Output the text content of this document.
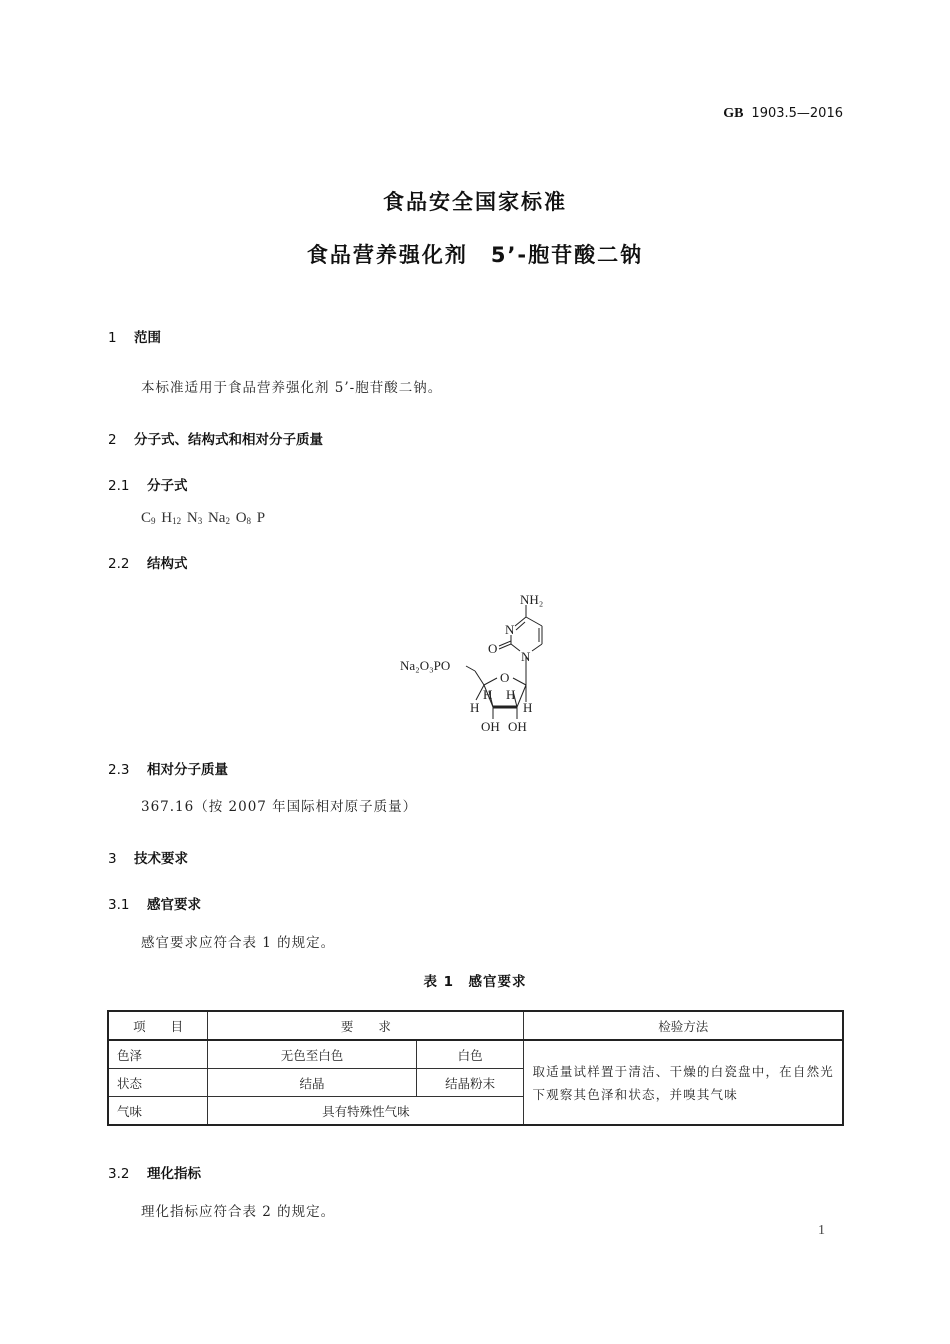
GB 1903.5—2016
食品安全国家标准
食品营养强化剂　5’-胞苷酸二钠
1 范围
本标准适用于食品营养强化剂 5’-胞苷酸二钠。
2 分子式、结构式和相对分子质量
2.1 分子式
$C_9$ $H_{12}$ $N_3$ $Na_2$ $O_8$ P
2.2 结构式
NH₂
N
O
N
Na₂O₃PO
O
H H
H	H
OH OH
2.3 相对分子质量
367.16（按 2007 年国际相对原子质量）
3 技术要求
3.1 感官要求
感官要求应符合表 1 的规定。
表 1　感官要求
项　　目	要　　求		检验方法
色泽	无色至白色	白色	取适量试样置于清洁、干燥的白瓷盘中，在自然光下观察其色泽和状态，并嗅其气味
状态	结晶	结晶粉末	
气味	具有特殊性气味		
3.2 理化指标
理化指标应符合表 2 的规定。
1
